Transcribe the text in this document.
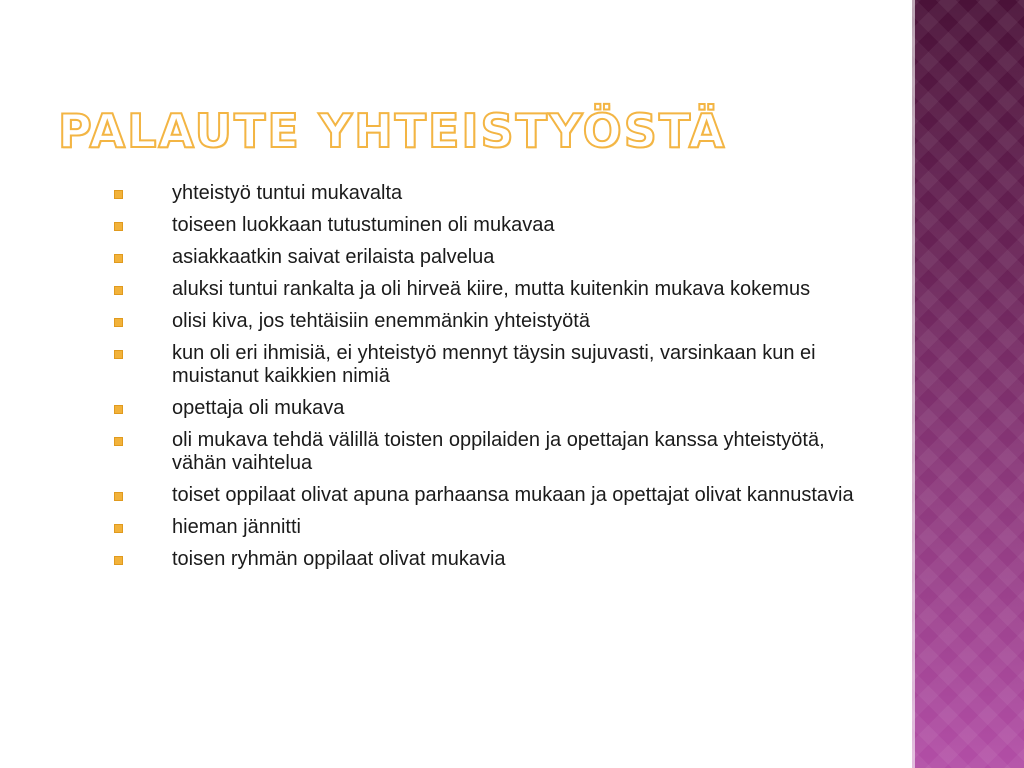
PALAUTE YHTEISTYÖSTÄ
yhteistyö tuntui mukavalta
toiseen luokkaan tutustuminen oli mukavaa
asiakkaatkin saivat erilaista palvelua
aluksi tuntui rankalta ja oli hirveä kiire, mutta kuitenkin mukava kokemus
olisi kiva, jos tehtäisiin enemmänkin yhteistyötä
kun oli eri ihmisiä, ei yhteistyö mennyt täysin sujuvasti, varsinkaan kun ei muistanut kaikkien nimiä
opettaja oli mukava
oli mukava tehdä välillä toisten oppilaiden ja opettajan kanssa yhteistyötä, vähän vaihtelua
toiset oppilaat olivat apuna parhaansa mukaan ja opettajat olivat kannustavia
hieman jännitti
toisen ryhmän oppilaat olivat mukavia
